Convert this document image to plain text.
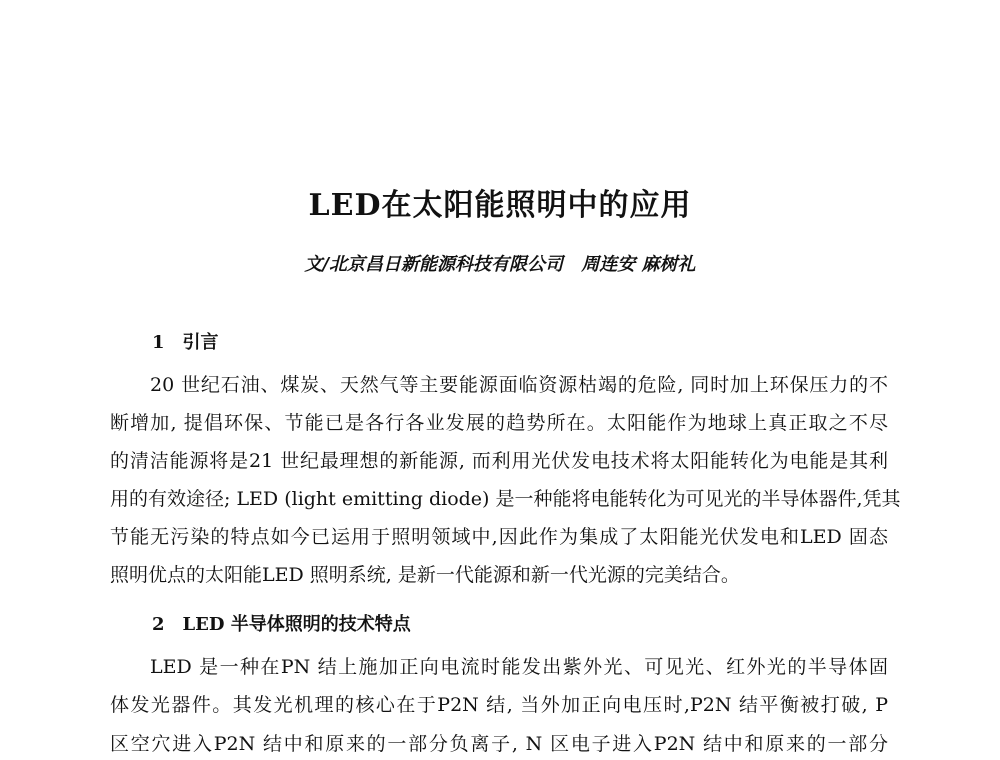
LED在太阳能照明中的应用
文/北京昌日新能源科技有限公司 周连安 麻树礼
1　引言
20 世纪石油、煤炭、天然气等主要能源面临资源枯竭的危险, 同时加上环保压力的不
断增加, 提倡环保、节能已是各行各业发展的趋势所在。太阳能作为地球上真正取之不尽
的清洁能源将是21 世纪最理想的新能源, 而利用光伏发电技术将太阳能转化为电能是其利
用的有效途径; LED (light emitting diode) 是一种能将电能转化为可见光的半导体器件,凭其
节能无污染的特点如今已运用于照明领域中,因此作为集成了太阳能光伏发电和LED 固态
照明优点的太阳能LED 照明系统, 是新一代能源和新一代光源的完美结合。
2　LED 半导体照明的技术特点
LED 是一种在PN 结上施加正向电流时能发出紫外光、可见光、红外光的半导体固
体发光器件。其发光机理的核心在于P2N 结, 当外加正向电压时,P2N 结平衡被打破, P
区空穴进入P2N 结中和原来的一部分负离子, N 区电子进入P2N 结中和原来的一部分
